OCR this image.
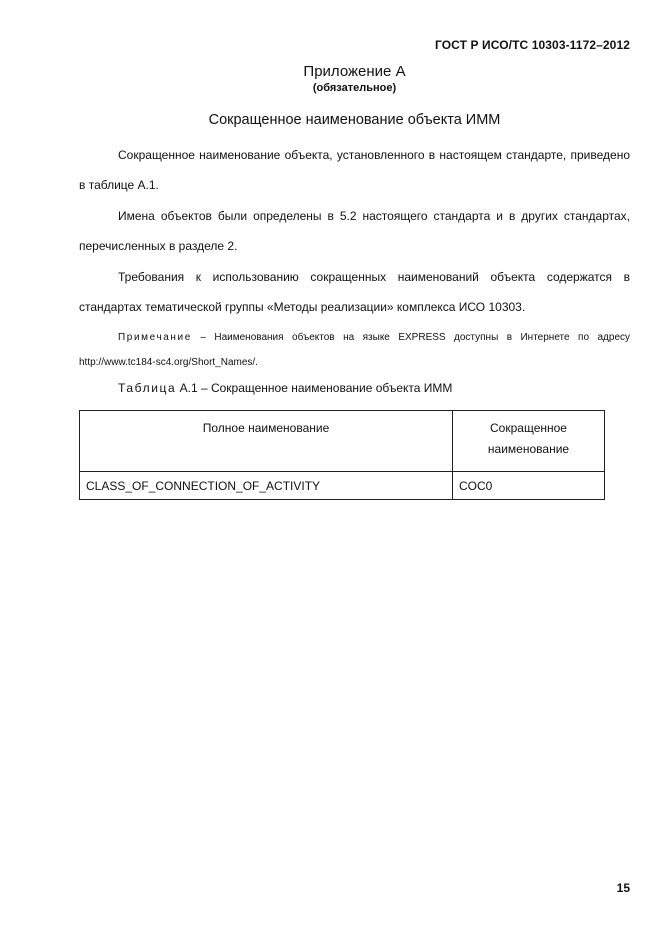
ГОСТ Р ИСО/ТС 10303-1172–2012
Приложение А
(обязательное)
Сокращенное наименование объекта ИММ

Сокращенное наименование объекта, установленного в настоящем стандарте, приведено в таблице А.1.

Имена объектов были определены в 5.2 настоящего стандарта и в других стандартах, перечисленных в разделе 2.

Требования к использованию сокращенных наименований объекта содержатся в стандартах тематической группы «Методы реализации» комплекса ИСО 10303.

Примечание – Наименования объектов на языке EXPRESS доступны в Интернете по адресу http://www.tc184-sc4.org/Short_Names/.

Таблица А.1 – Сокращенное наименование объекта ИММ
Полное наименование	Сокращенное наименование
CLASS_OF_CONNECTION_OF_ACTIVITY	COC0
15
